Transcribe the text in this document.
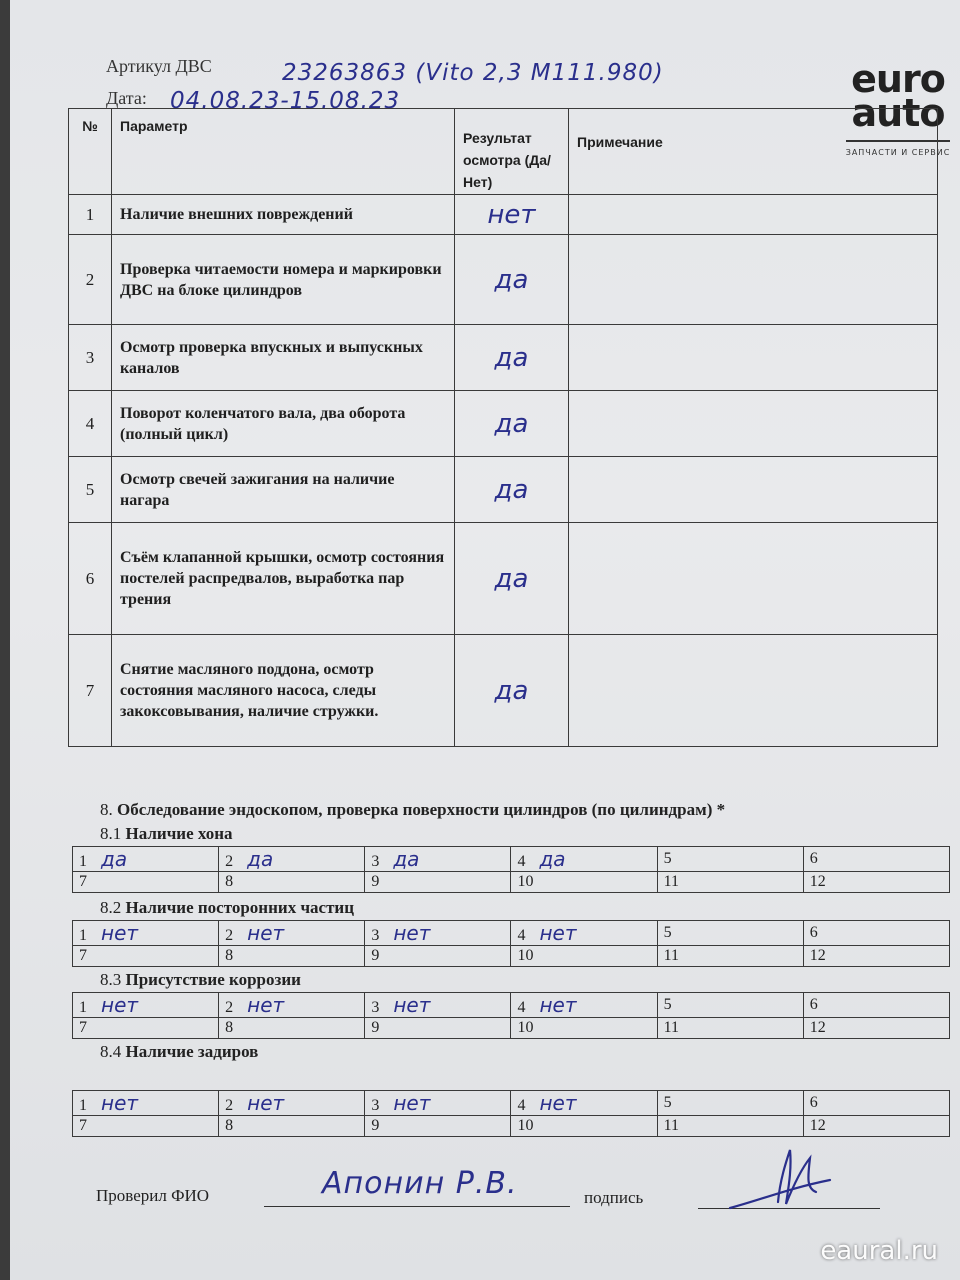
Артикул ДВС	23263863 (Vito 2,3 M111.980)
Дата: 04.08.23-15.08.23	euro
auto
ЗАПЧАСТИ И СЕРВИС
№	Параметр	Результат осмотра (Да/Нет)	Примечание
1	Наличие внешних повреждений	нет	
2	Проверка читаемости номера и маркировки ДВС на блоке цилиндров	да	
3	Осмотр проверка впускных и выпускных каналов	да	
4	Поворот коленчатого вала, два оборота (полный цикл)	да	
5	Осмотр свечей зажигания на наличие нагара	да	
6	Съём клапанной крышки, осмотр состояния постелей распредвалов, выработка пар трения	да	
7	Снятие масляного поддона, осмотр состояния масляного насоса, следы закоксовывания, наличие стружки.	да	
8. Обследование эндоскопом, проверка поверхности цилиндров (по цилиндрам) *
8.1 Наличие хона
1 да	2 да	3 да	4 да	5	6
7	8	9	10	11	12
8.2 Наличие посторонних частиц
1 нет	2 нет	3 нет	4 нет	5	6
7	8	9	10	11	12
8.3 Присутствие коррозии
1 нет	2 нет	3 нет	4 нет	5	6
7	8	9	10	11	12
8.4 Наличие задиров
1 нет	2 нет	3 нет	4 нет	5	6
7	8	9	10	11	12
Проверил ФИО	Апонин Р.В.	подпись
eaural.ru
